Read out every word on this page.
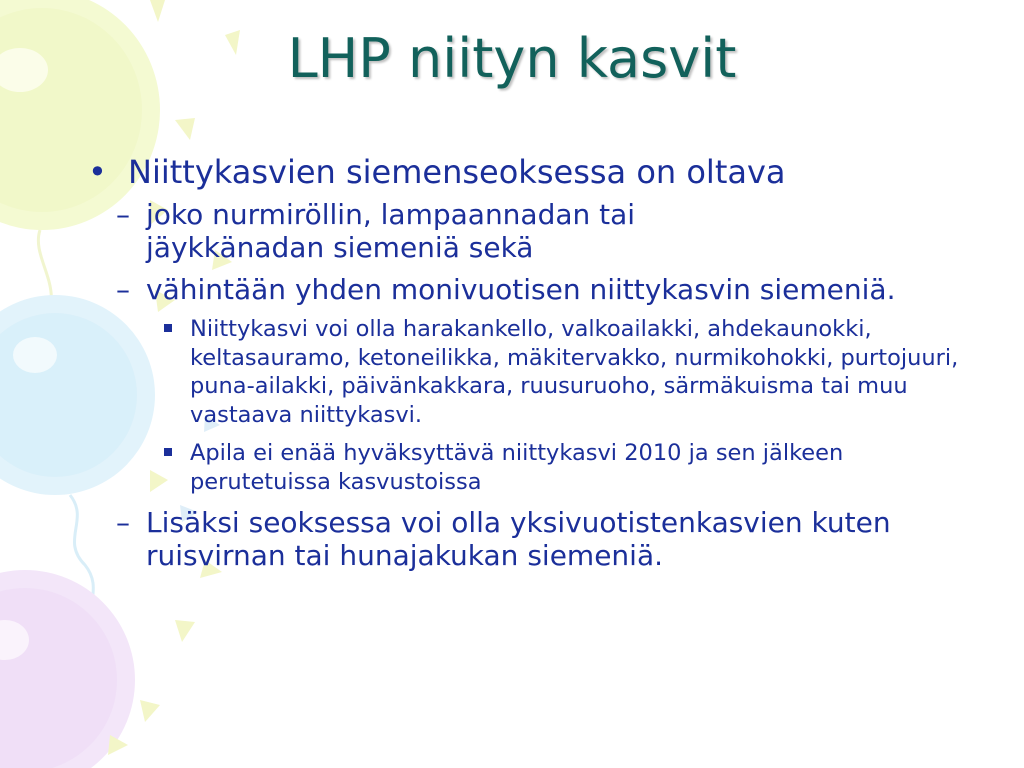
LHP niityn kasvit
• Niittykasvien siemenseoksessa on oltava
– joko nurmiröllin, lampaannadan tai jäykkänadan siemeniä sekä
– vähintään yhden monivuotisen niittykasvin siemeniä.
Niittykasvi voi olla harakankello, valkoailakki, ahdekaunokki, keltasauramo, ketoneilikka, mäkitervakko, nurmikohokki, purtojuuri, puna-ailakki, päivänkakkara, ruusuruoho, särmäkuisma tai muu vastaava niittykasvi.
Apila ei enää hyväksyttävä niittykasvi 2010 ja sen jälkeen perutetuissa kasvustoissa
– Lisäksi seoksessa voi olla yksivuotistenkasvien kuten ruisvirnan tai hunajakukan siemeniä.
